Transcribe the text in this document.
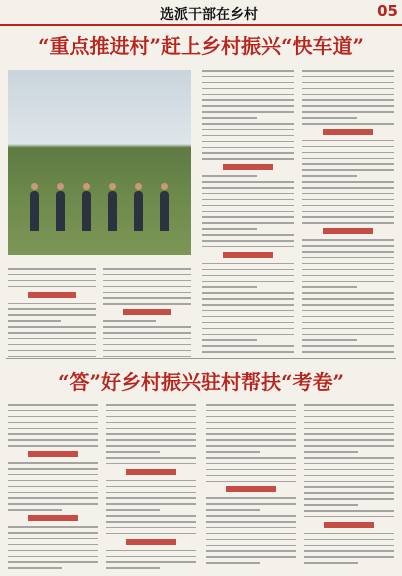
选派干部在乡村	05
“重点推进村”赶上乡村振兴“快车道”
“答”好乡村振兴驻村帮扶“考卷”
